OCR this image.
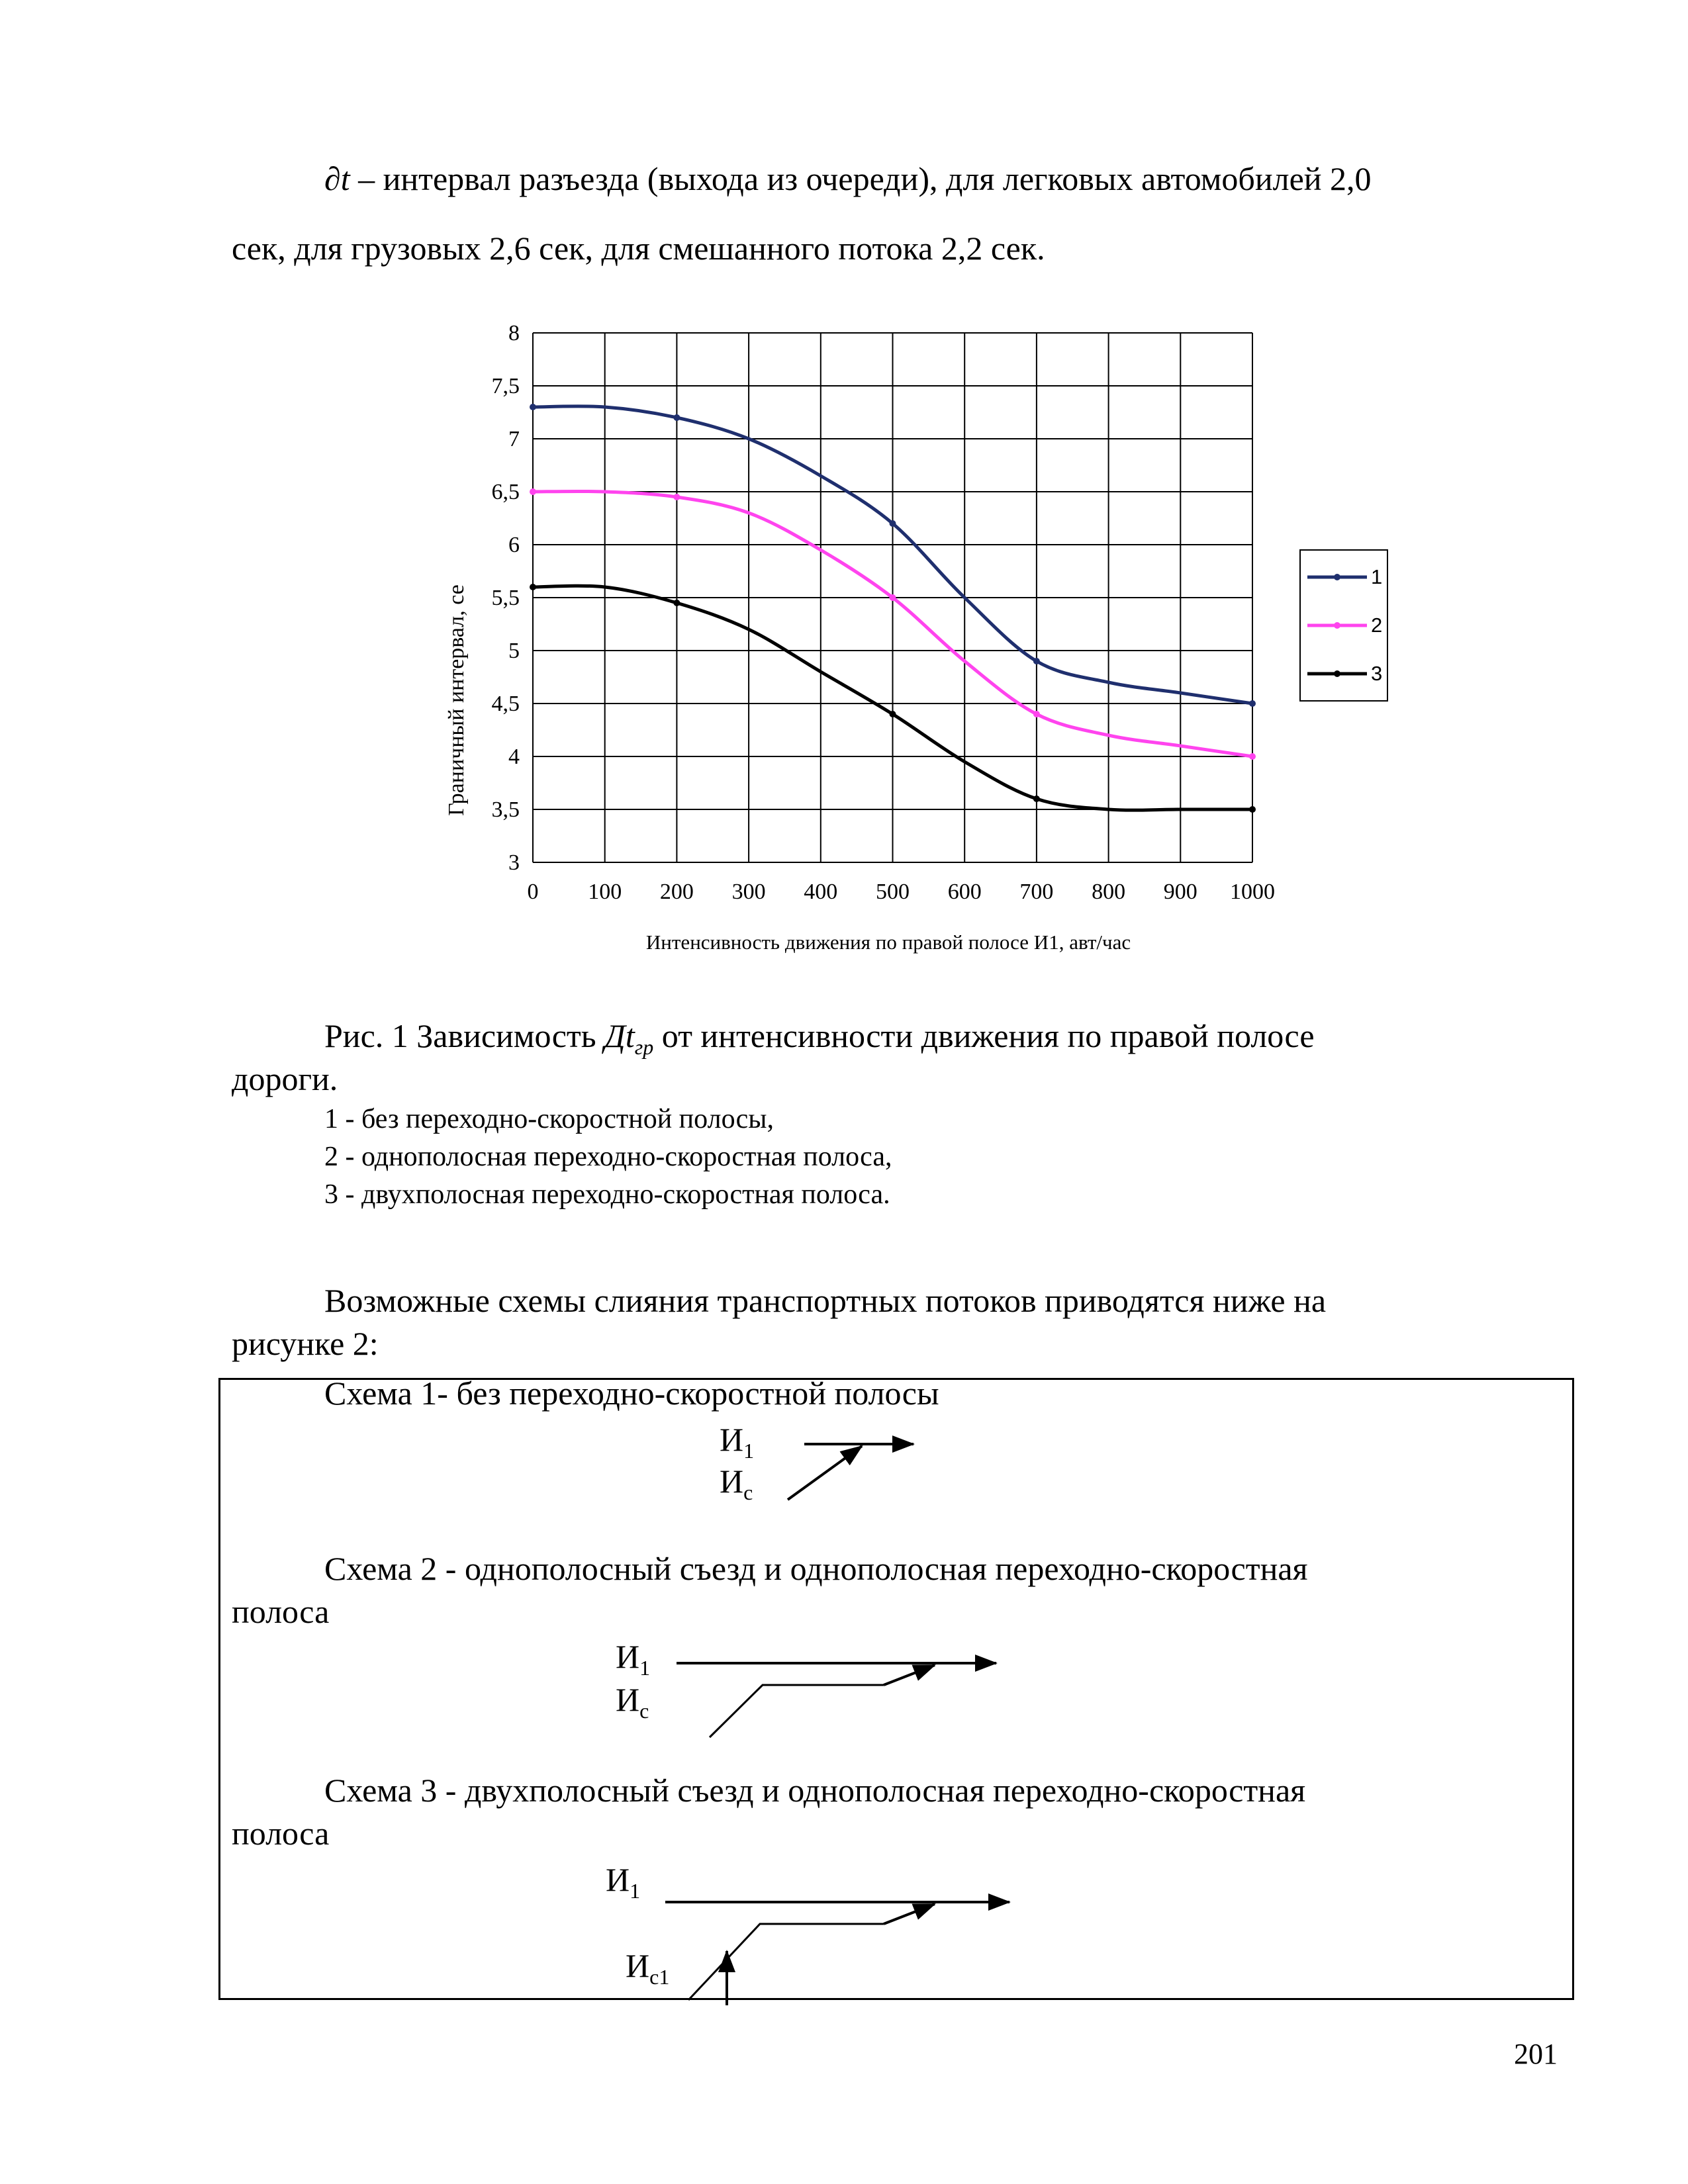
∂t – интервал разъезда (выхода из очереди), для легковых автомобилей 2,0
сек, для грузовых 2,6 сек, для смешанного потока 2,2 сек.
0 100 200 300 400 500 600 700 800 900 1000
3
3,5
4
4,5
5
5,5
6
6,5
7
7,5
8
Интенсивность движения по правой полосе И1, авт/час
Граничный интервал, се
1
2
3
Рис. 1 Зависимость $Дt_{гр}$ от интенсивности движения по правой полосе
дороги.
1 - без переходно-скоростной полосы,
2 - однополосная переходно-скоростная полоса,
3 - двухполосная переходно-скоростная полоса.
Возможные схемы слияния транспортных потоков приводятся ниже на
рисунке 2:
Схема 1- без переходно-скоростной полосы
$И_1$
$И_с$
Схема 2 - однополосный съезд и однополосная переходно-скоростная
полоса
$И_1$
$И_с$
Схема 3 - двухполосный съезд и однополосная переходно-скоростная
полоса
$И_1$
$И_{с1}$
201
